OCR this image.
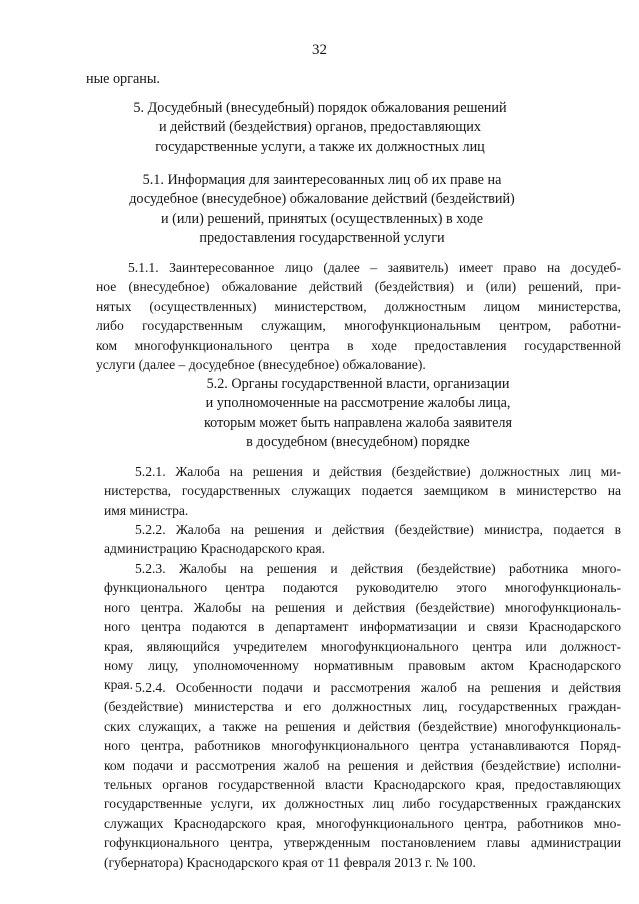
32
ные органы.
5. Досудебный (внесудебный) порядок обжалования решений
и действий (бездействия) органов, предоставляющих
государственные услуги, а также их должностных лиц
5.1. Информация для заинтересованных лиц об их праве на
досудебное (внесудебное) обжалование действий (бездействий)
и (или) решений, принятых (осуществленных) в ходе
предоставления государственной услуги
5.1.1. Заинтересованное лицо (далее – заявитель) имеет право на досудеб-
ное (внесудебное) обжалование действий (бездействия) и (или) решений, при-
нятых (осуществленных) министерством, должностным лицом министерства,
либо государственным служащим, многофункциональным центром, работни-
ком многофункционального центра в ходе предоставления государственной
услуги (далее – досудебное (внесудебное) обжалование).
5.2. Органы государственной власти, организации
и уполномоченные на рассмотрение жалобы лица,
которым может быть направлена жалоба заявителя
в досудебном (внесудебном) порядке
5.2.1. Жалоба на решения и действия (бездействие) должностных лиц ми-
нистерства, государственных служащих подается заемщиком в министерство на
имя министра.
5.2.2. Жалоба на решения и действия (бездействие) министра, подается в
администрацию Краснодарского края.
5.2.3. Жалобы на решения и действия (бездействие) работника много-
функционального центра подаются руководителю этого многофункциональ-
ного центра. Жалобы на решения и действия (бездействие) многофункциональ-
ного центра подаются в департамент информатизации и связи Краснодарского
края, являющийся учредителем многофункционального центра или должност-
ному лицу, уполномоченному нормативным правовым актом Краснодарского
края. 5.2.4. Особенности подачи и рассмотрения жалоб на решения и действия
(бездействие) министерства и его должностных лиц, государственных граждан-
ских служащих, а также на решения и действия (бездействие) многофункциональ-
ного центра, работников многофункционального центра устанавливаются Поряд-
ком подачи и рассмотрения жалоб на решения и действия (бездействие) исполни-
тельных органов государственной власти Краснодарского края, предоставляющих
государственные услуги, их должностных лиц либо государственных гражданских
служащих Краснодарского края, многофункционального центра, работников мно-
гофункционального центра, утвержденным постановлением главы администрации
(губернатора) Краснодарского края от 11 февраля 2013 г. № 100.
